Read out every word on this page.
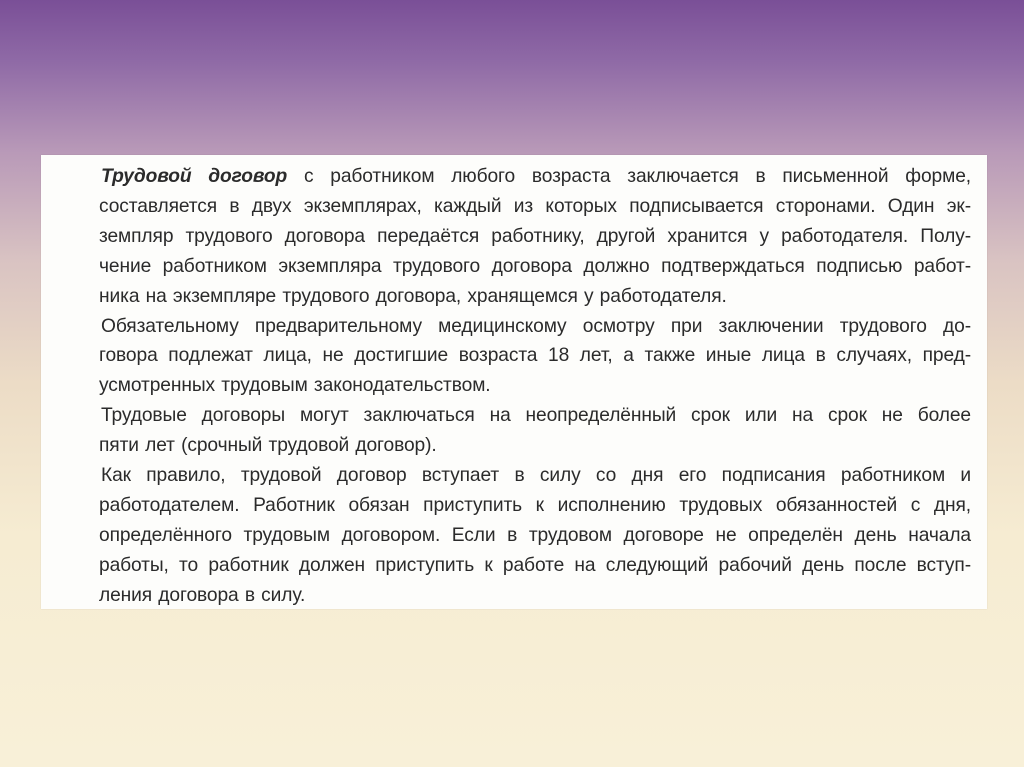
Трудовой договор с работником любого возраста заключается в письменной форме,
составляется в двух экземплярах, каждый из которых подписывается сторонами. Один эк-
земпляр трудового договора передаётся работнику, другой хранится у работодателя. Полу-
чение работником экземпляра трудового договора должно подтверждаться подписью работ-
ника на экземпляре трудового договора, хранящемся у работодателя.

Обязательному предварительному медицинскому осмотру при заключении трудового до-
говора подлежат лица, не достигшие возраста 18 лет, а также иные лица в случаях, пред-
усмотренных трудовым законодательством.

Трудовые договоры могут заключаться на неопределённый срок или на срок не более
пяти лет (срочный трудовой договор).

Как правило, трудовой договор вступает в силу со дня его подписания работником и
работодателем. Работник обязан приступить к исполнению трудовых обязанностей с дня,
определённого трудовым договором. Если в трудовом договоре не определён день начала
работы, то работник должен приступить к работе на следующий рабочий день после вступ-
ления договора в силу.
